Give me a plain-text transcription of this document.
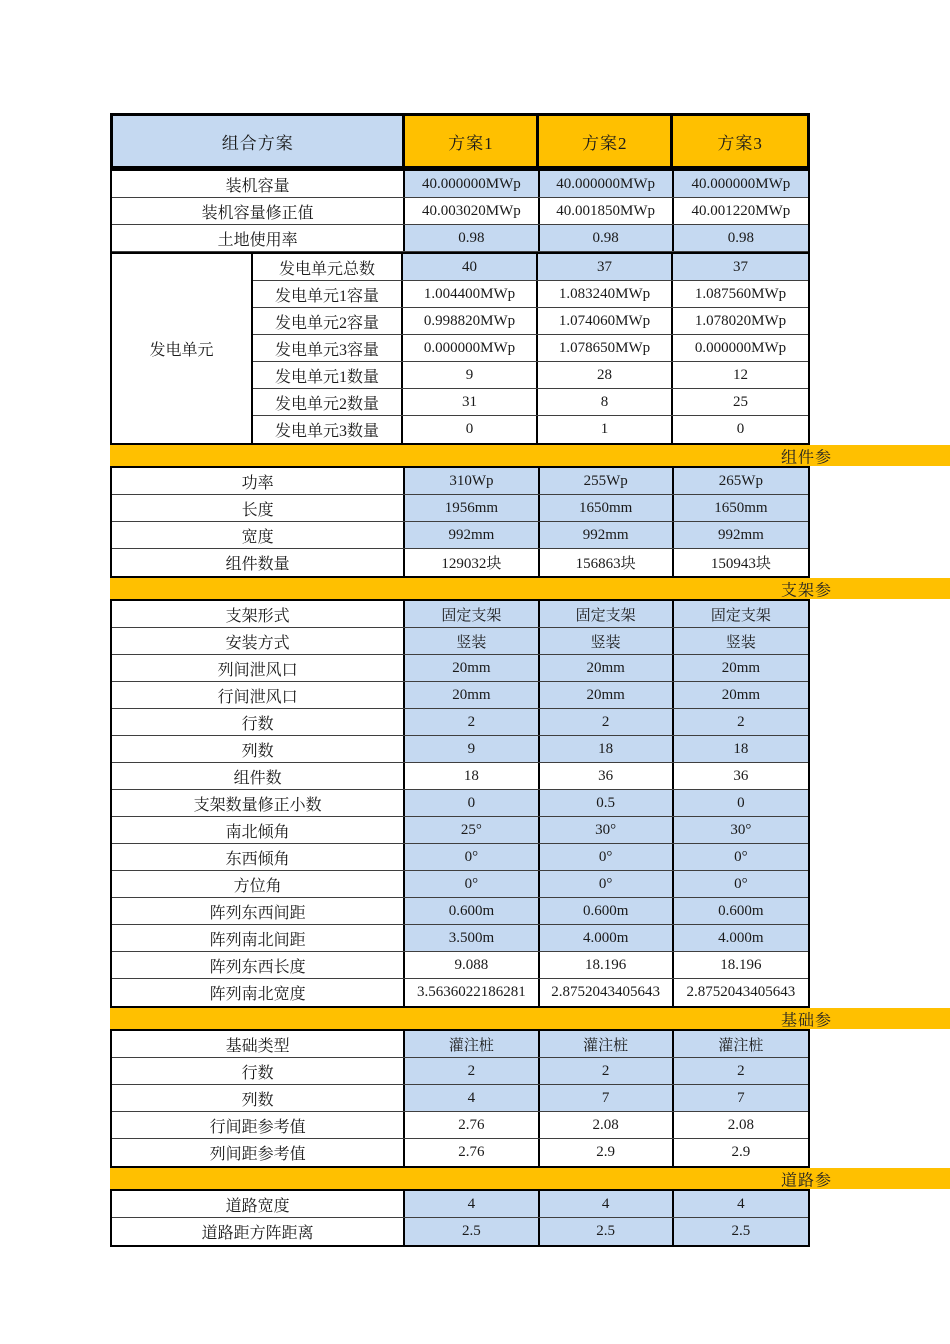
组合方案	方案1	方案2	方案3
装机容量	40.000000MWp	40.000000MWp	40.000000MWp
装机容量修正值	40.003020MWp	40.001850MWp	40.001220MWp
土地使用率	0.98	0.98	0.98
发电单元
发电单元总数	40	37	37
发电单元1容量	1.004400MWp	1.083240MWp	1.087560MWp
发电单元2容量	0.998820MWp	1.074060MWp	1.078020MWp
发电单元3容量	0.000000MWp	1.078650MWp	0.000000MWp
发电单元1数量	9	28	12
发电单元2数量	31	8	25
发电单元3数量	0	1	0
组件参
功率	310Wp	255Wp	265Wp
长度	1956mm	1650mm	1650mm
宽度	992mm	992mm	992mm
组件数量	129032块	156863块	150943块
支架参
支架形式	固定支架	固定支架	固定支架
安装方式	竖装	竖装	竖装
列间泄风口	20mm	20mm	20mm
行间泄风口	20mm	20mm	20mm
行数	2	2	2
列数	9	18	18
组件数	18	36	36
支架数量修正小数	0	0.5	0
南北倾角	25°	30°	30°
东西倾角	0°	0°	0°
方位角	0°	0°	0°
阵列东西间距	0.600m	0.600m	0.600m
阵列南北间距	3.500m	4.000m	4.000m
阵列东西长度	9.088	18.196	18.196
阵列南北宽度	3.5636022186281	2.8752043405643	2.8752043405643
基础参
基础类型	灌注桩	灌注桩	灌注桩
行数	2	2	2
列数	4	7	7
行间距参考值	2.76	2.08	2.08
列间距参考值	2.76	2.9	2.9
道路参
道路宽度	4	4	4
道路距方阵距离	2.5	2.5	2.5
